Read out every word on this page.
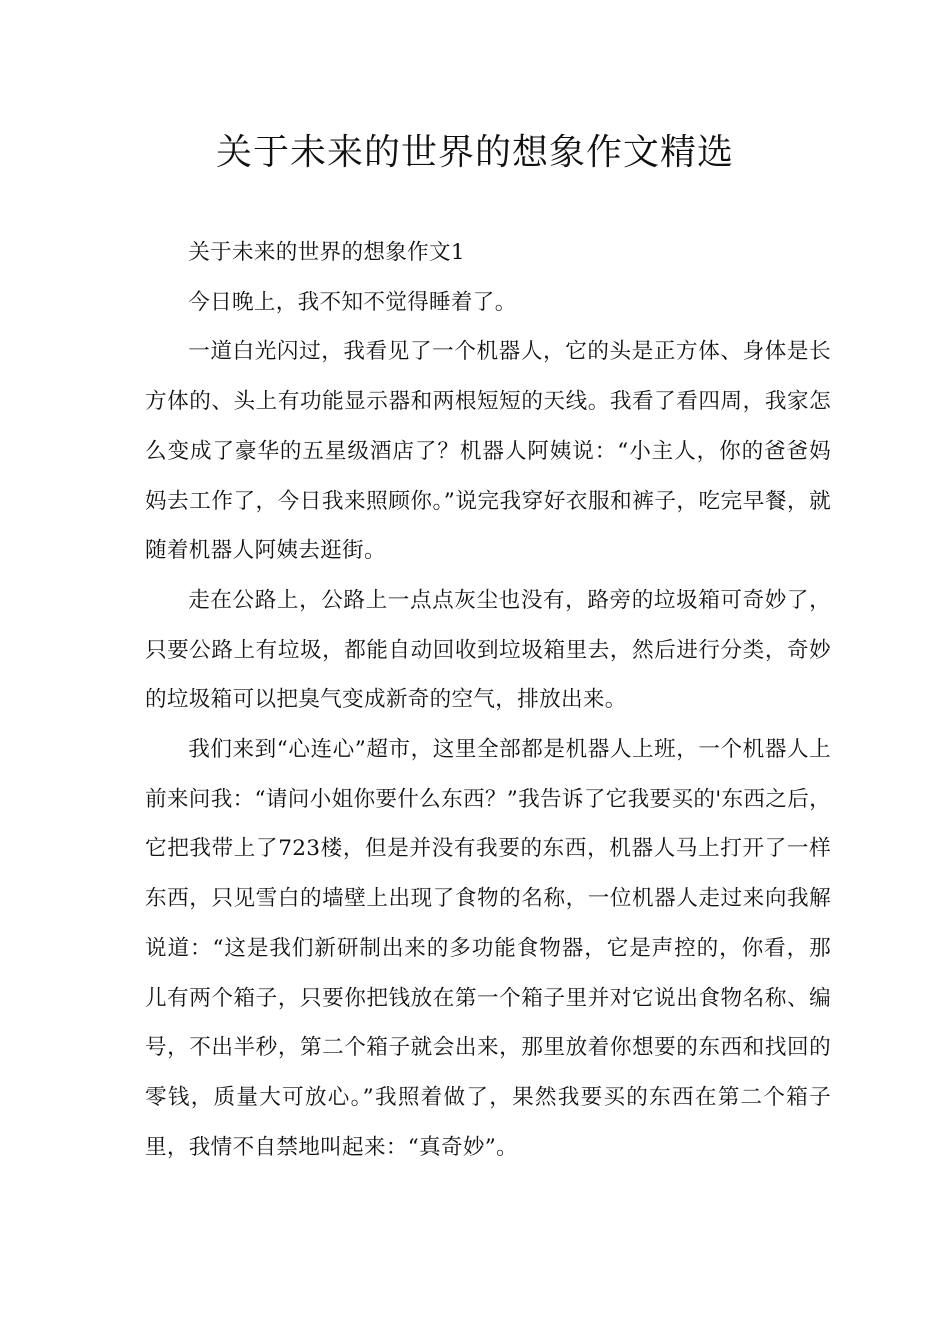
关于未来的世界的想象作文精选

关于未来的世界的想象作文1

今日晚上，我不知不觉得睡着了。

一道白光闪过，我看见了一个机器人，它的头是正方体、身体是长方体的、头上有功能显示器和两根短短的天线。我看了看四周，我家怎么变成了豪华的五星级酒店了？机器人阿姨说：“小主人，你的爸爸妈妈去工作了，今日我来照顾你。”说完我穿好衣服和裤子，吃完早餐，就随着机器人阿姨去逛街。

走在公路上，公路上一点点灰尘也没有，路旁的垃圾箱可奇妙了，只要公路上有垃圾，都能自动回收到垃圾箱里去，然后进行分类，奇妙的垃圾箱可以把臭气变成新奇的空气，排放出来。

我们来到“心连心”超市，这里全部都是机器人上班，一个机器人上前来问我：“请问小姐你要什么东西？”我告诉了它我要买的'东西之后，它把我带上了723楼，但是并没有我要的东西，机器人马上打开了一样东西，只见雪白的墙壁上出现了食物的名称，一位机器人走过来向我解说道：“这是我们新研制出来的多功能食物器，它是声控的，你看，那儿有两个箱子，只要你把钱放在第一个箱子里并对它说出食物名称、编号，不出半秒，第二个箱子就会出来，那里放着你想要的东西和找回的零钱，质量大可放心。”我照着做了，果然我要买的东西在第二个箱子里，我情不自禁地叫起来：“真奇妙”。
